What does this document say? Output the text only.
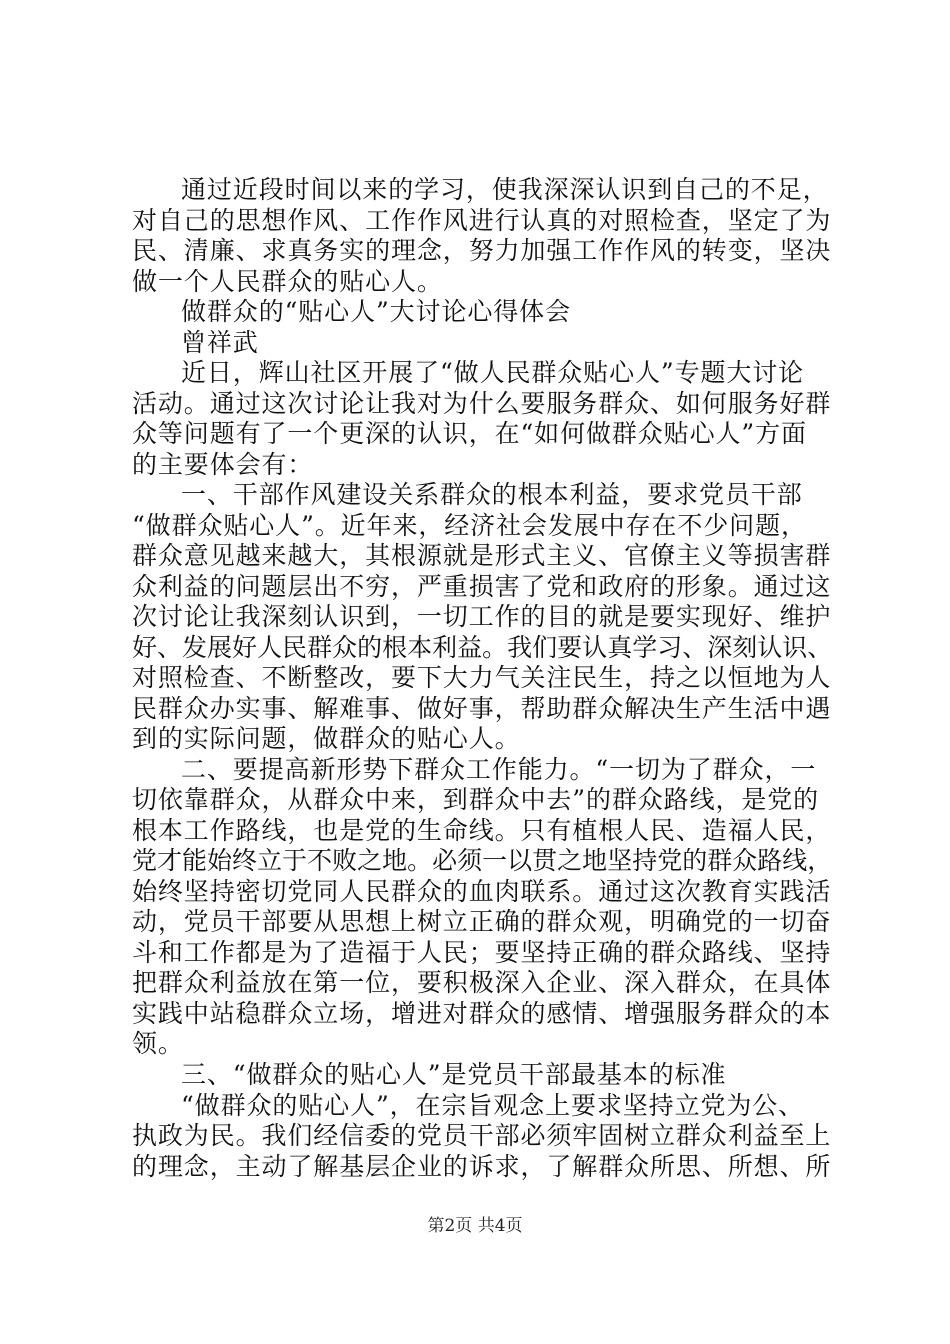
通过近段时间以来的学习，使我深深认识到自己的不足，
对自己的思想作风、工作作风进行认真的对照检查，坚定了为
民、清廉、求真务实的理念，努力加强工作作风的转变，坚决
做一个人民群众的贴心人。
做群众的“贴心人”大讨论心得体会
曾祥武
近日，辉山社区开展了“做人民群众贴心人”专题大讨论
活动。通过这次讨论让我对为什么要服务群众、如何服务好群
众等问题有了一个更深的认识，在“如何做群众贴心人”方面
的主要体会有：
一、干部作风建设关系群众的根本利益，要求党员干部
“做群众贴心人”。近年来，经济社会发展中存在不少问题，
群众意见越来越大，其根源就是形式主义、官僚主义等损害群
众利益的问题层出不穷，严重损害了党和政府的形象。通过这
次讨论让我深刻认识到，一切工作的目的就是要实现好、维护
好、发展好人民群众的根本利益。我们要认真学习、深刻认识、
对照检查、不断整改，要下大力气关注民生，持之以恒地为人
民群众办实事、解难事、做好事，帮助群众解决生产生活中遇
到的实际问题，做群众的贴心人。
二、要提高新形势下群众工作能力。“一切为了群众，一
切依靠群众，从群众中来，到群众中去”的群众路线，是党的
根本工作路线，也是党的生命线。只有植根人民、造福人民，
党才能始终立于不败之地。必须一以贯之地坚持党的群众路线，
始终坚持密切党同人民群众的血肉联系。通过这次教育实践活
动，党员干部要从思想上树立正确的群众观，明确党的一切奋
斗和工作都是为了造福于人民；要坚持正确的群众路线、坚持
把群众利益放在第一位，要积极深入企业、深入群众，在具体
实践中站稳群众立场，增进对群众的感情、增强服务群众的本
领。
三、“做群众的贴心人”是党员干部最基本的标准
“做群众的贴心人”，在宗旨观念上要求坚持立党为公、
执政为民。我们经信委的党员干部必须牢固树立群众利益至上
的理念，主动了解基层企业的诉求，了解群众所思、所想、所
第2页 共4页
